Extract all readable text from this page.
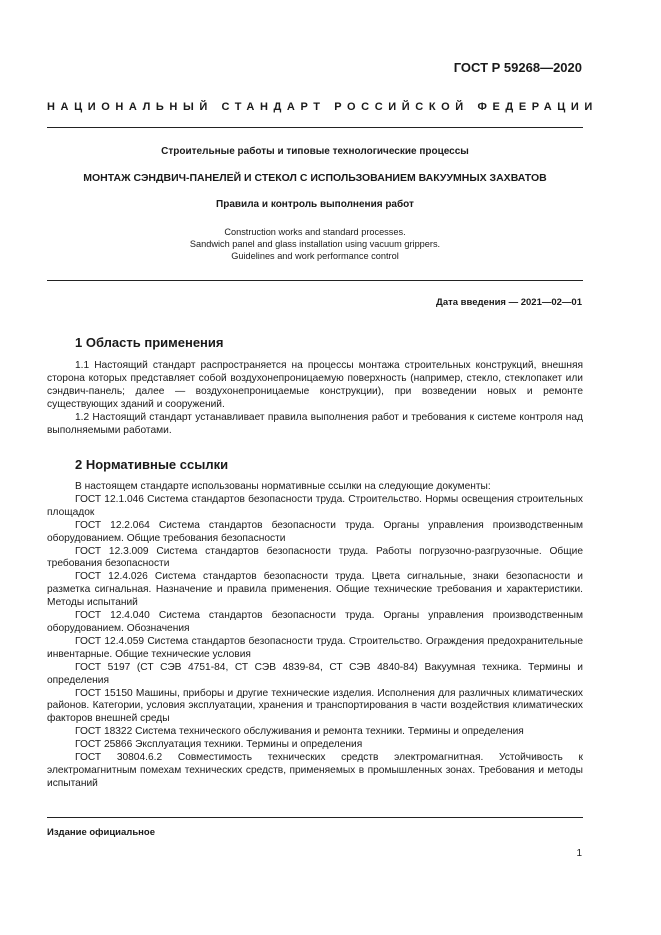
ГОСТ Р 59268—2020
НАЦИОНАЛЬНЫЙ СТАНДАРТ РОССИЙСКОЙ ФЕДЕРАЦИИ
Строительные работы и типовые технологические процессы
МОНТАЖ СЭНДВИЧ-ПАНЕЛЕЙ И СТЕКОЛ С ИСПОЛЬЗОВАНИЕМ ВАКУУМНЫХ ЗАХВАТОВ
Правила и контроль выполнения работ
Construction works and standard processes.
Sandwich panel and glass installation using vacuum grippers.
Guidelines and work performance control
Дата введения — 2021—02—01
1 Область применения

1.1 Настоящий стандарт распространяется на процессы монтажа строительных конструкций, внешняя сторона которых представляет собой воздухонепроницаемую поверхность (например, стекло, стеклопакет или сэндвич-панель; далее — воздухонепроницаемые конструкции), при возведении новых и ремонте существующих зданий и сооружений.

1.2 Настоящий стандарт устанавливает правила выполнения работ и требования к системе контроля над выполняемыми работами.

2 Нормативные ссылки

В настоящем стандарте использованы нормативные ссылки на следующие документы:

ГОСТ 12.1.046 Система стандартов безопасности труда. Строительство. Нормы освещения строительных площадок

ГОСТ 12.2.064 Система стандартов безопасности труда. Органы управления производственным оборудованием. Общие требования безопасности

ГОСТ 12.3.009 Система стандартов безопасности труда. Работы погрузочно-разгрузочные. Общие требования безопасности

ГОСТ 12.4.026 Система стандартов безопасности труда. Цвета сигнальные, знаки безопасности и разметка сигнальная. Назначение и правила применения. Общие технические требования и характеристики. Методы испытаний

ГОСТ 12.4.040 Система стандартов безопасности труда. Органы управления производственным оборудованием. Обозначения

ГОСТ 12.4.059 Система стандартов безопасности труда. Строительство. Ограждения предохранительные инвентарные. Общие технические условия

ГОСТ 5197 (СТ СЭВ 4751-84, СТ СЭВ 4839-84, СТ СЭВ 4840-84) Вакуумная техника. Термины и определения

ГОСТ 15150 Машины, приборы и другие технические изделия. Исполнения для различных климатических районов. Категории, условия эксплуатации, хранения и транспортирования в части воздействия климатических факторов внешней среды

ГОСТ 18322 Система технического обслуживания и ремонта техники. Термины и определения

ГОСТ 25866 Эксплуатация техники. Термины и определения

ГОСТ 30804.6.2 Совместимость технических средств электромагнитная. Устойчивость к электромагнитным помехам технических средств, применяемых в промышленных зонах. Требования и методы испытаний

Издание официальное
1
